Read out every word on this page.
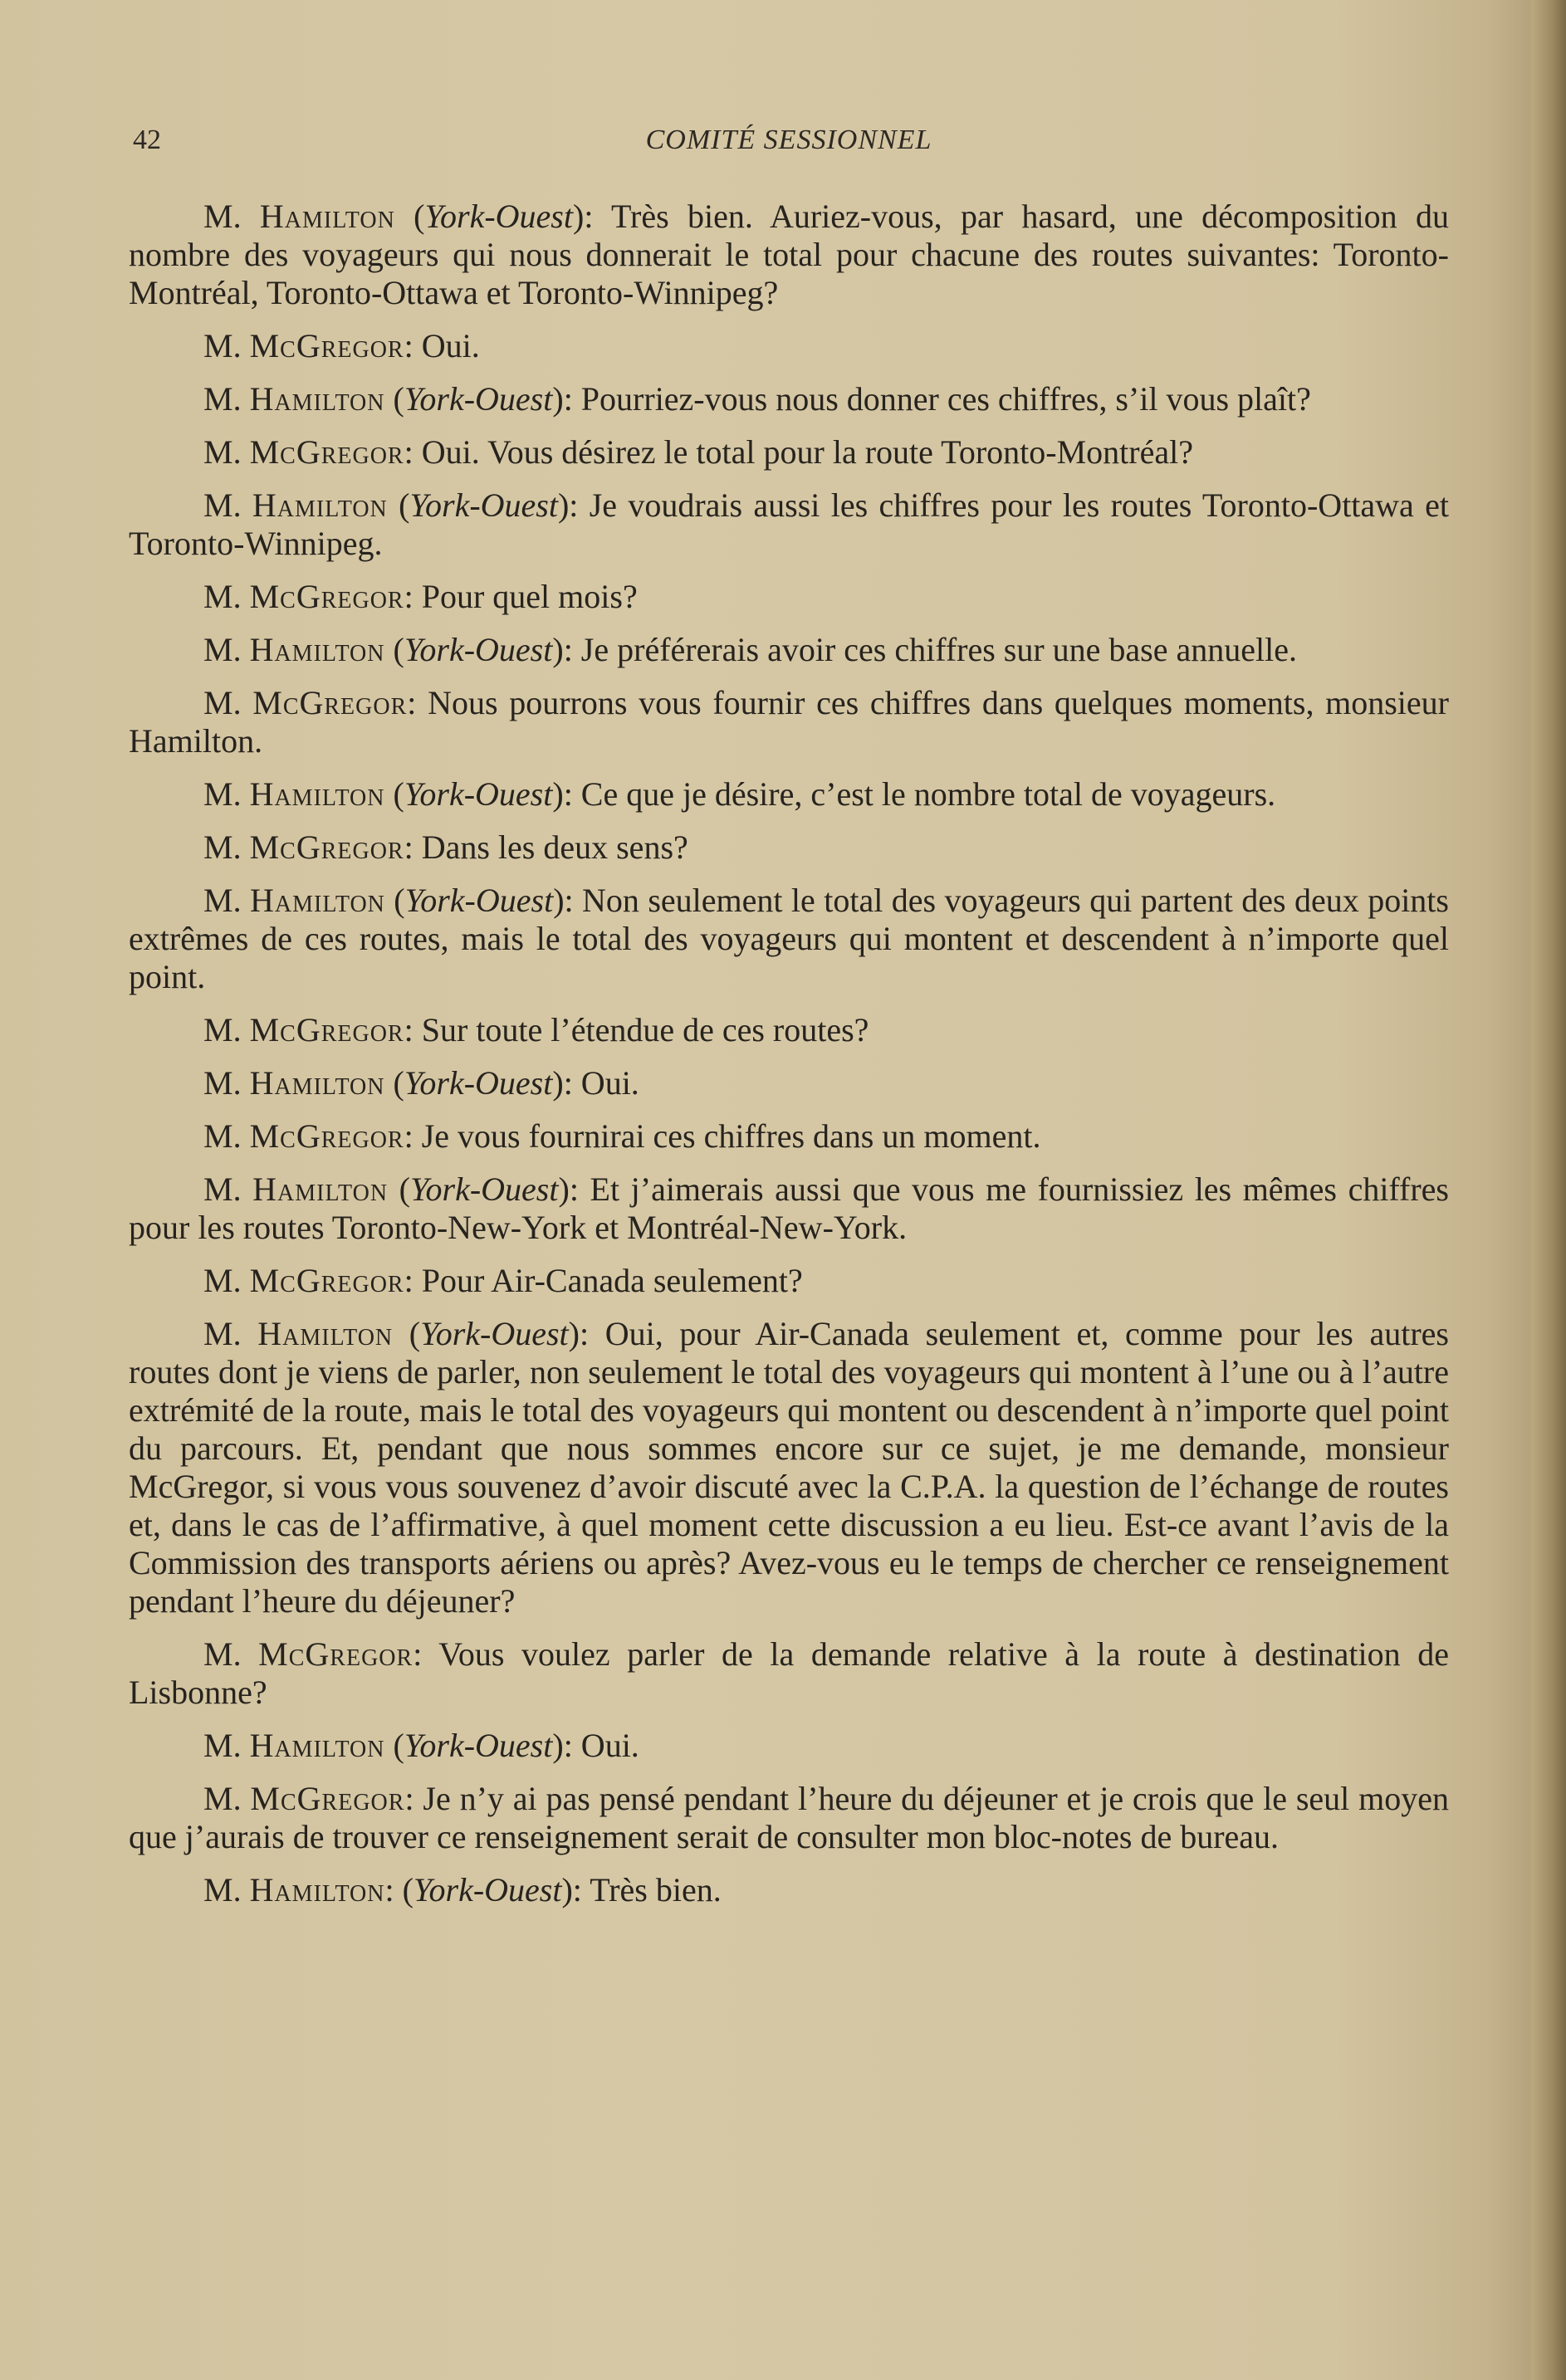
42	COMITÉ SESSIONNEL

M. Hamilton (York-Ouest): Très bien. Auriez-vous, par hasard, une décomposition du nombre des voyageurs qui nous donnerait le total pour chacune des routes suivantes: Toronto-Montréal, Toronto-Ottawa et Toronto-Winnipeg?

M. McGregor: Oui.

M. Hamilton (York-Ouest): Pourriez-vous nous donner ces chiffres, s’il vous plaît?

M. McGregor: Oui. Vous désirez le total pour la route Toronto-Montréal?

M. Hamilton (York-Ouest): Je voudrais aussi les chiffres pour les routes Toronto-Ottawa et Toronto-Winnipeg.

M. McGregor: Pour quel mois?

M. Hamilton (York-Ouest): Je préférerais avoir ces chiffres sur une base annuelle.

M. McGregor: Nous pourrons vous fournir ces chiffres dans quelques moments, monsieur Hamilton.

M. Hamilton (York-Ouest): Ce que je désire, c’est le nombre total de voyageurs.

M. McGregor: Dans les deux sens?

M. Hamilton (York-Ouest): Non seulement le total des voyageurs qui partent des deux points extrêmes de ces routes, mais le total des voyageurs qui montent et descendent à n’importe quel point.

M. McGregor: Sur toute l’étendue de ces routes?

M. Hamilton (York-Ouest): Oui.

M. McGregor: Je vous fournirai ces chiffres dans un moment.

M. Hamilton (York-Ouest): Et j’aimerais aussi que vous me fournissiez les mêmes chiffres pour les routes Toronto-New-York et Montréal-New-York.

M. McGregor: Pour Air-Canada seulement?

M. Hamilton (York-Ouest): Oui, pour Air-Canada seulement et, comme pour les autres routes dont je viens de parler, non seulement le total des voyageurs qui montent à l’une ou à l’autre extrémité de la route, mais le total des voyageurs qui montent ou descendent à n’importe quel point du parcours. Et, pendant que nous sommes encore sur ce sujet, je me demande, monsieur McGregor, si vous vous souvenez d’avoir discuté avec la C.P.A. la question de l’échange de routes et, dans le cas de l’affirmative, à quel moment cette discussion a eu lieu. Est-ce avant l’avis de la Commission des transports aériens ou après? Avez-vous eu le temps de chercher ce renseignement pendant l’heure du déjeuner?

M. McGregor: Vous voulez parler de la demande relative à la route à destination de Lisbonne?

M. Hamilton (York-Ouest): Oui.

M. McGregor: Je n’y ai pas pensé pendant l’heure du déjeuner et je crois que le seul moyen que j’aurais de trouver ce renseignement serait de consulter mon bloc-notes de bureau.

M. Hamilton: (York-Ouest): Très bien.
